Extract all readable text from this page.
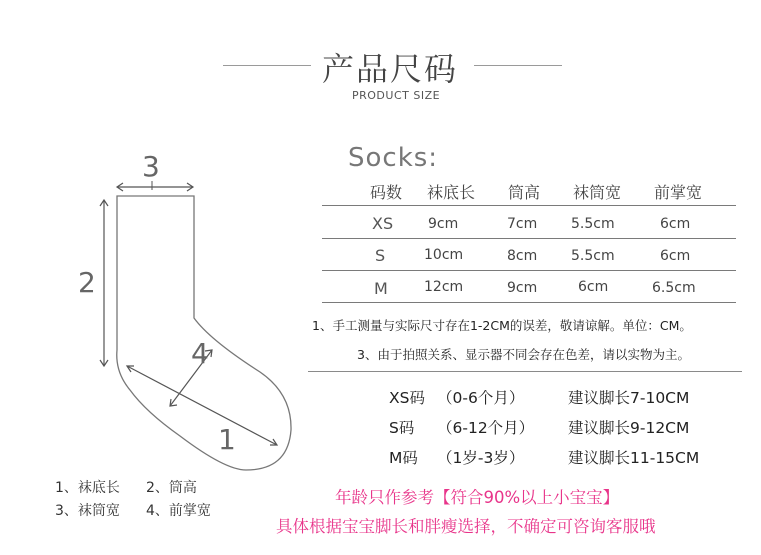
产品尺码
PRODUCT SIZE
3
2
4
1
1、袜底长 2、筒高
3、袜筒宽 4、前掌宽
Socks:
码数 袜底长 筒高 袜筒宽 前掌宽
XS 9cm	7cm 5.5cm	6cm
S	10cm	8cm 5.5cm	6cm
M	12cm	9cm	6cm	6.5cm
1、手工测量与实际尺寸存在1-2CM的误差，敬请谅解。单位：CM。
3、由于拍照关系、显示器不同会存在色差，请以实物为主。
XS码 （0-6个月）	建议脚长7-10CM
S码 （6-12个月） 建议脚长9-12CM
M码 （1岁-3岁）	建议脚长11-15CM
年龄只作参考【符合90%以上小宝宝】
具体根据宝宝脚长和胖瘦选择，不确定可咨询客服哦
